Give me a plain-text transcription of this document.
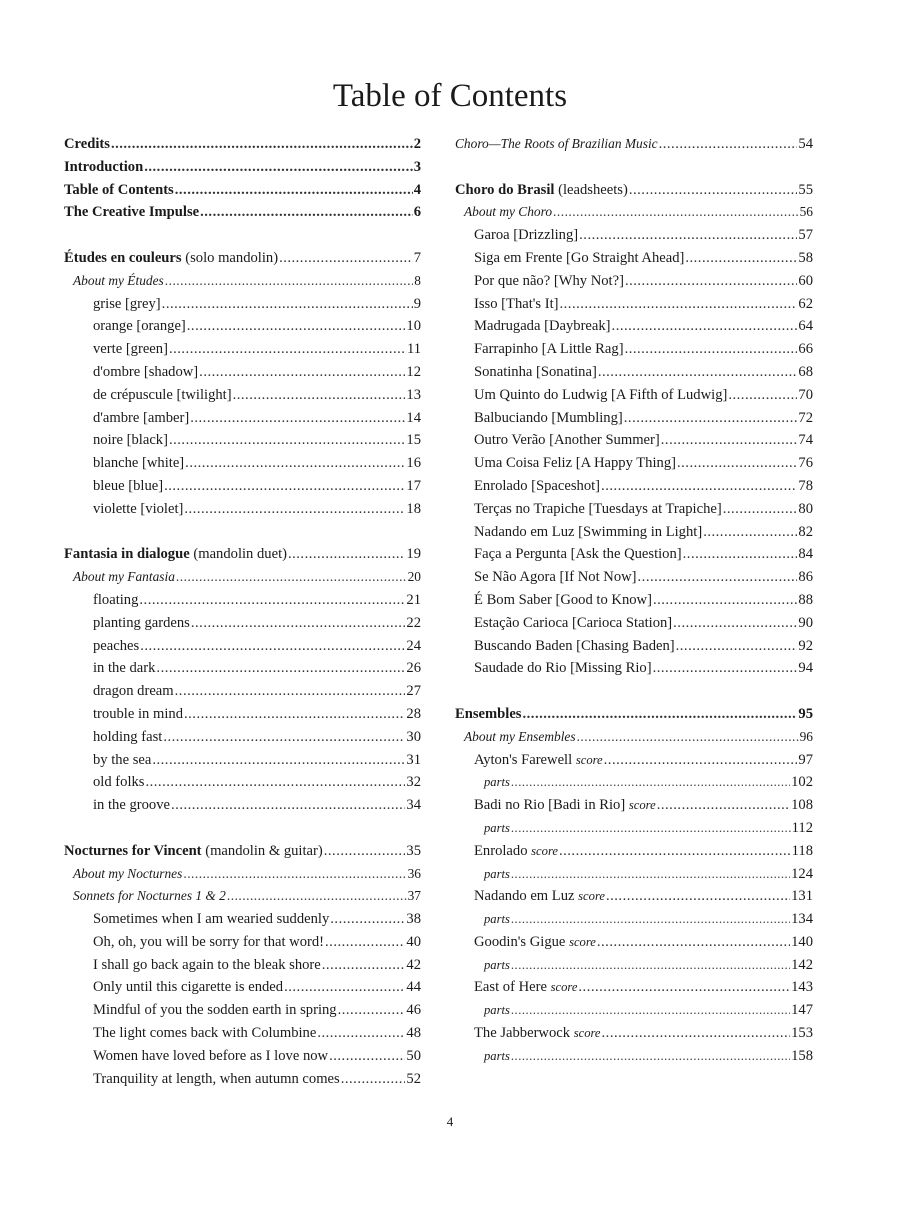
Table of Contents
Credits .....	2
Introduction .....	3
Table of Contents .....	4
The Creative Impulse .....	6
Études en couleurs (solo mandolin) .....	7
About my Études .....	8
grise [grey] .....	9
orange [orange] .....	10
verte [green] .....	11
d'ombre [shadow] .....	12
de crépuscule [twilight] .....	13
d'ambre [amber] .....	14
noire [black] .....	15
blanche [white] .....	16
bleue [blue] .....	17
violette [violet] .....	18
Fantasia in dialogue (mandolin duet) .....	19
About my Fantasia .....	20
floating .....	21
planting gardens .....	22
peaches .....	24
in the dark .....	26
dragon dream .....	27
trouble in mind .....	28
holding fast .....	30
by the sea .....	31
old folks .....	32
in the groove .....	34
Nocturnes for Vincent (mandolin & guitar) .....	35
About my Nocturnes .....	36
Sonnets for Nocturnes 1 & 2 .....	37
Sometimes when I am wearied suddenly .....	38
Oh, oh, you will be sorry for that word! .....	40
I shall go back again to the bleak shore .....	42
Only until this cigarette is ended .....	44
Mindful of you the sodden earth in spring .....	46
The light comes back with Columbine .....	48
Women have loved before as I love now .....	50
Tranquility at length, when autumn comes .....	52
Choro—The Roots of Brazilian Music .....	54
Choro do Brasil (leadsheets) .....	55
About my Choro .....	56
Garoa [Drizzling] .....	57
Siga em Frente [Go Straight Ahead] .....	58
Por que não? [Why Not?] .....	60
Isso [That's It] .....	62
Madrugada [Daybreak] .....	64
Farrapinho [A Little Rag] .....	66
Sonatinha [Sonatina] .....	68
Um Quinto do Ludwig [A Fifth of Ludwig] .....	70
Balbuciando [Mumbling] .....	72
Outro Verão [Another Summer] .....	74
Uma Coisa Feliz [A Happy Thing] .....	76
Enrolado [Spaceshot] .....	78
Terças no Trapiche [Tuesdays at Trapiche] .....	80
Nadando em Luz [Swimming in Light] .....	82
Faça a Pergunta [Ask the Question] .....	84
Se Não Agora [If Not Now] .....	86
É Bom Saber [Good to Know] .....	88
Estação Carioca [Carioca Station] .....	90
Buscando Baden [Chasing Baden] .....	92
Saudade do Rio [Missing Rio] .....	94
Ensembles .....	95
About my Ensembles .....	96
Ayton's Farewell score .....	97
parts .....	102
Badi no Rio [Badi in Rio] score .....	108
parts .....	112
Enrolado score .....	118
parts .....	124
Nadando em Luz score .....	131
parts .....	134
Goodin's Gigue score .....	140
parts .....	142
East of Here score .....	143
parts .....	147
The Jabberwock score .....	153
parts .....	158
4
